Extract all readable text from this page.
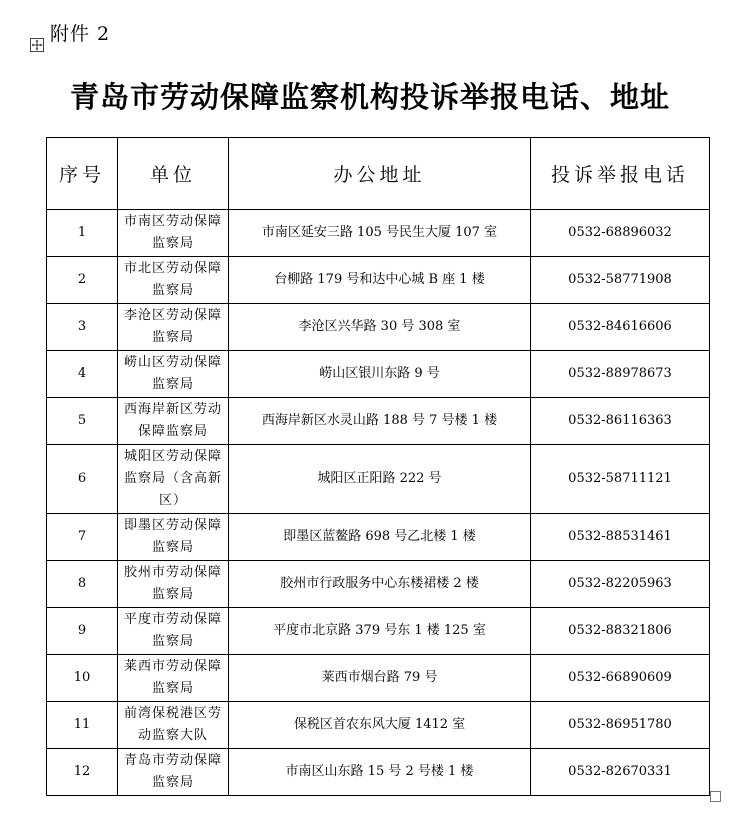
附件 2
青岛市劳动保障监察机构投诉举报电话、地址
序号	单位	办公地址	投诉举报电话
1	市南区劳动保障监察局	市南区延安三路 105 号民生大厦 107 室	0532-68896032
2	市北区劳动保障监察局	台柳路 179 号和达中心城 B 座 1 楼	0532-58771908
3	李沧区劳动保障监察局	李沧区兴华路 30 号 308 室	0532-84616606
4	崂山区劳动保障监察局	崂山区银川东路 9 号	0532-88978673
5	西海岸新区劳动保障监察局	西海岸新区水灵山路 188 号 7 号楼 1 楼	0532-86116363
6	城阳区劳动保障监察局（含高新区）	城阳区正阳路 222 号	0532-58711121
7	即墨区劳动保障监察局	即墨区蓝鳌路 698 号乙北楼 1 楼	0532-88531461
8	胶州市劳动保障监察局	胶州市行政服务中心东楼裙楼 2 楼	0532-82205963
9	平度市劳动保障监察局	平度市北京路 379 号东 1 楼 125 室	0532-88321806
10	莱西市劳动保障监察局	莱西市烟台路 79 号	0532-66890609
11	前湾保税港区劳动监察大队	保税区首农东风大厦 1412 室	0532-86951780
12	青岛市劳动保障监察局	市南区山东路 15 号 2 号楼 1 楼	0532-82670331
